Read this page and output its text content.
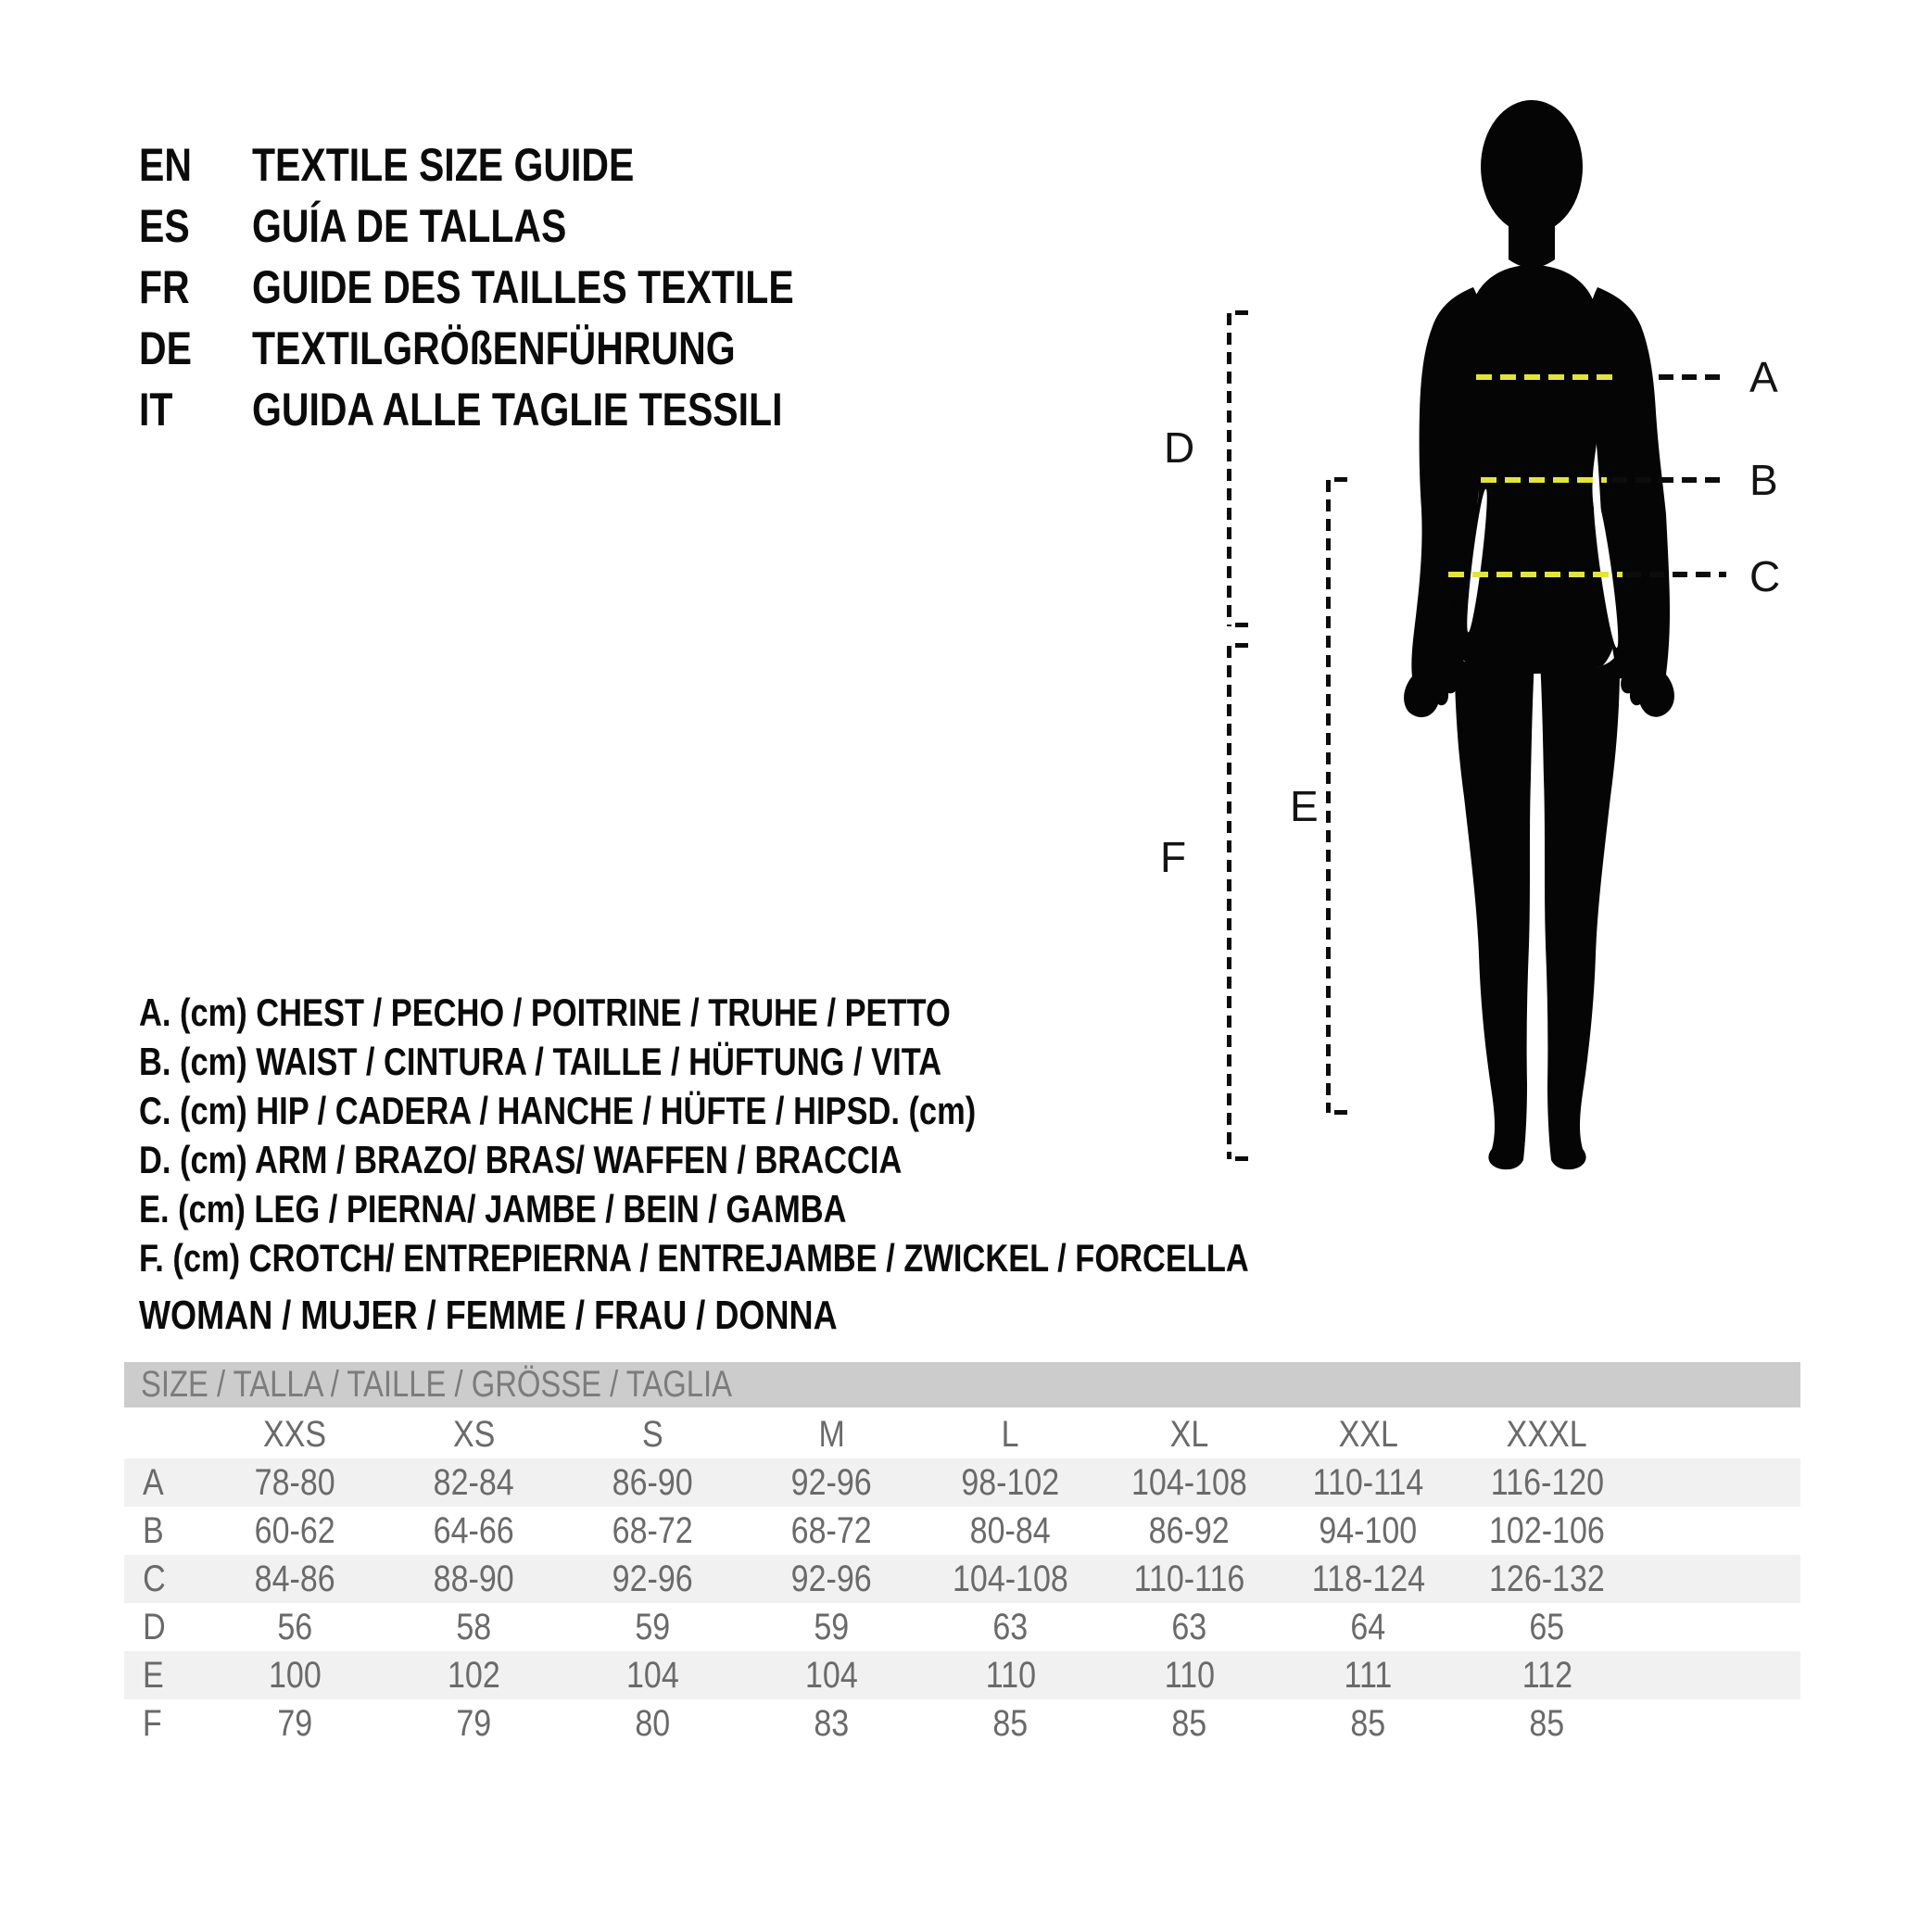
EN TEXTILE SIZE GUIDE
ES GUÍA DE TALLAS
FR GUIDE DES TAILLES TEXTILE
DE TEXTILGRÖßENFÜHRUNG
IT GUIDA ALLE TAGLIE TESSILI
A
B
C
D
E
F
A. (cm) CHEST / PECHO / POITRINE / TRUHE / PETTO
B. (cm) WAIST / CINTURA / TAILLE / HÜFTUNG / VITA
C. (cm) HIP / CADERA / HANCHE / HÜFTE / HIPSD. (cm)
D. (cm) ARM / BRAZO/ BRAS/ WAFFEN / BRACCIA
E. (cm) LEG / PIERNA/ JAMBE / BEIN / GAMBA
F. (cm) CROTCH/ ENTREPIERNA / ENTREJAMBE / ZWICKEL / FORCELLA
WOMAN / MUJER / FEMME / FRAU / DONNA
SIZE / TALLA / TAILLE / GRÖSSE / TAGLIA
XXS	XS	S	M	L	XL	XXL	XXXL
A 78-80	82-84	86-90	92-96 98-102 104-108 110-114 116-120
B 60-62	64-66	68-72	68-72	80-84	86-92 94-100 102-106
C 84-86	88-90	92-96	92-96 104-108 110-116 118-124 126-132
D	56	58	59	59	63	63	64	65
E	100	102	104	104	110	110	111	112
F	79	79	80	83	85	85	85	85
